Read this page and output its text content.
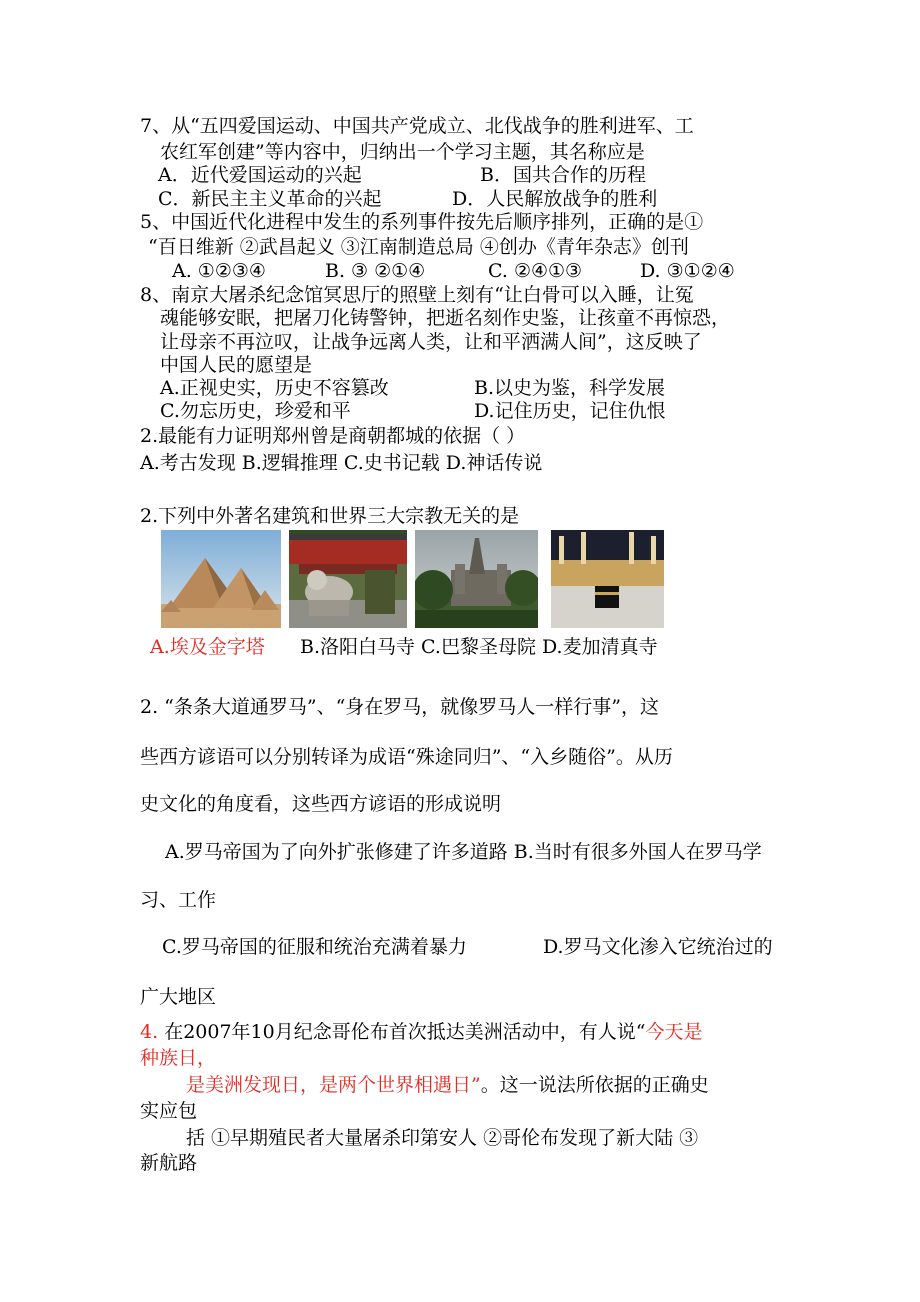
7、从“五四爱国运动、中国共产党成立、北伐战争的胜利进军、工
农红军创建”等内容中，归纳出一个学习主题，其名称应是
A．近代爱国运动的兴起	B．国共合作的历程
C．新民主主义革命的兴起	D．人民解放战争的胜利
5、中国近代化进程中发生的系列事件按先后顺序排列，正确的是①
“百日维新 ②武昌起义 ③江南制造总局 ④创办《青年杂志》创刊
A. ①②③④	B. ③ ②①④	C. ②④①③	D. ③①②④
8、南京大屠杀纪念馆冥思厅的照壁上刻有“让白骨可以入睡，让冤
魂能够安眠，把屠刀化铸警钟，把逝名刻作史鉴，让孩童不再惊恐，
让母亲不再泣叹，让战争远离人类，让和平洒满人间”，这反映了
中国人民的愿望是
A.正视史实，历史不容篡改	B.以史为鉴，科学发展
C.勿忘历史，珍爱和平	D.记住历史，记住仇恨
2.最能有力证明郑州曾是商朝都城的依据（ ）
A.考古发现 B.逻辑推理 C.史书记载 D.神话传说
2.下列中外著名建筑和世界三大宗教无关的是
A.埃及金字塔 B.洛阳白马寺 C.巴黎圣母院 D.麦加清真寺
2. “条条大道通罗马”、“身在罗马，就像罗马人一样行事”，这
些西方谚语可以分别转译为成语“殊途同归”、“入乡随俗”。从历
史文化的角度看，这些西方谚语的形成说明
A.罗马帝国为了向外扩张修建了许多道路 B.当时有很多外国人在罗马学
习、工作
C.罗马帝国的征服和统治充满着暴力	D.罗马文化渗入它统治过的
广大地区
4. 在2007年10月纪念哥伦布首次抵达美洲活动中，有人说“今天是
种族日，
是美洲发现日，是两个世界相遇日”。这一说法所依据的正确史
实应包
括 ①早期殖民者大量屠杀印第安人 ②哥伦布发现了新大陆 ③
新航路
